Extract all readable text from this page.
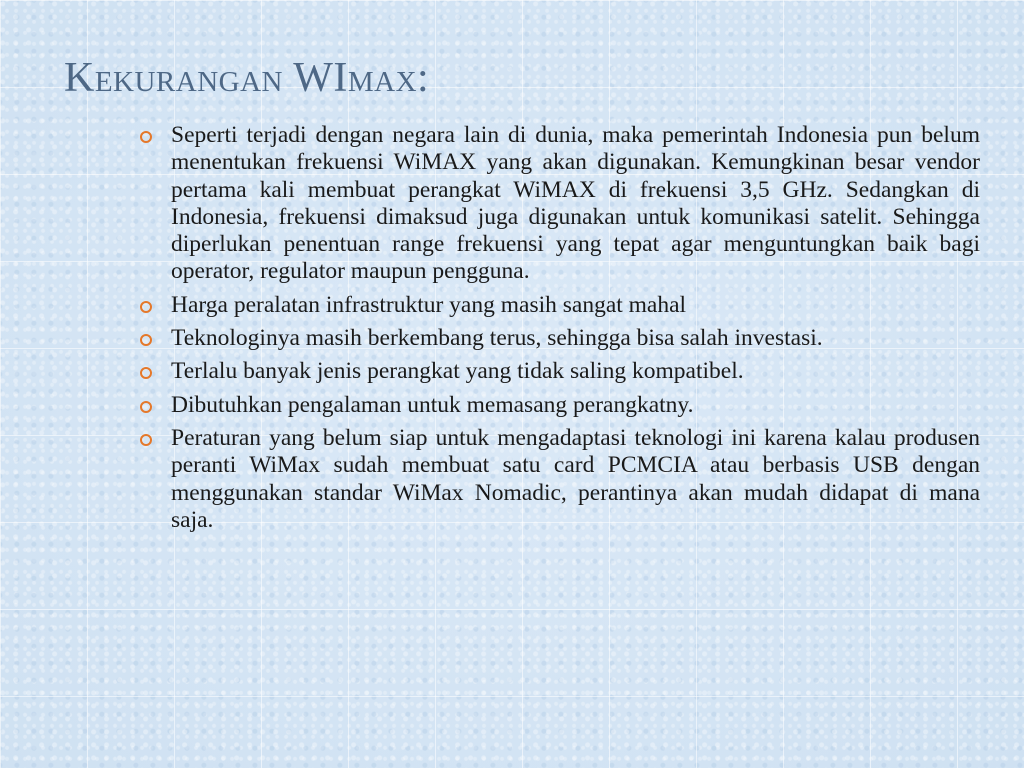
Kekurangan WImax:
Seperti terjadi dengan negara lain di dunia, maka pemerintah Indonesia pun belum menentukan frekuensi WiMAX yang akan digunakan. Kemungkinan besar vendor pertama kali membuat perangkat WiMAX di frekuensi 3,5 GHz. Sedangkan di Indonesia, frekuensi dimaksud juga digunakan untuk komunikasi satelit. Sehingga diperlukan penentuan range frekuensi yang tepat agar menguntungkan baik bagi operator, regulator maupun pengguna.
Harga peralatan infrastruktur yang masih sangat mahal
Teknologinya masih berkembang terus, sehingga bisa salah investasi.
Terlalu banyak jenis perangkat yang tidak saling kompatibel.
Dibutuhkan pengalaman untuk memasang perangkatny.
Peraturan yang belum siap untuk mengadaptasi teknologi ini karena kalau produsen peranti WiMax sudah membuat satu card PCMCIA atau berbasis USB dengan menggunakan standar WiMax Nomadic, perantinya akan mudah didapat di mana saja.
